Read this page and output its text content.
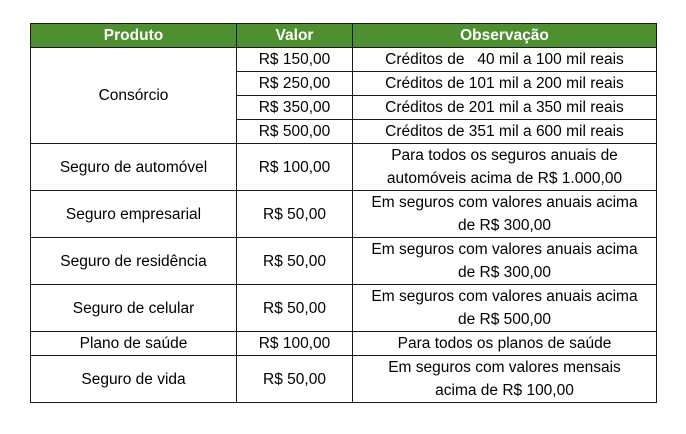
Produto	Valor	Observação
Consórcio	R$ 150,00	Créditos de   40 mil a 100 mil reais
	R$ 250,00	Créditos de 101 mil a 200 mil reais
	R$ 350,00	Créditos de 201 mil a 350 mil reais
	R$ 500,00	Créditos de 351 mil a 600 mil reais
Seguro de automóvel	R$ 100,00	Para todos os seguros anuais de
automóveis acima de R$ 1.000,00

Seguro empresarial	R$ 50,00	Em seguros com valores anuais acima
de R$ 300,00

Seguro de residência	R$ 50,00	Em seguros com valores anuais acima
de R$ 300,00

Seguro de celular	R$ 50,00	Em seguros com valores anuais acima
de R$ 500,00

Plano de saúde	R$ 100,00	Para todos os planos de saúde
Seguro de vida	R$ 50,00	Em seguros com valores mensais
acima de R$ 100,00
